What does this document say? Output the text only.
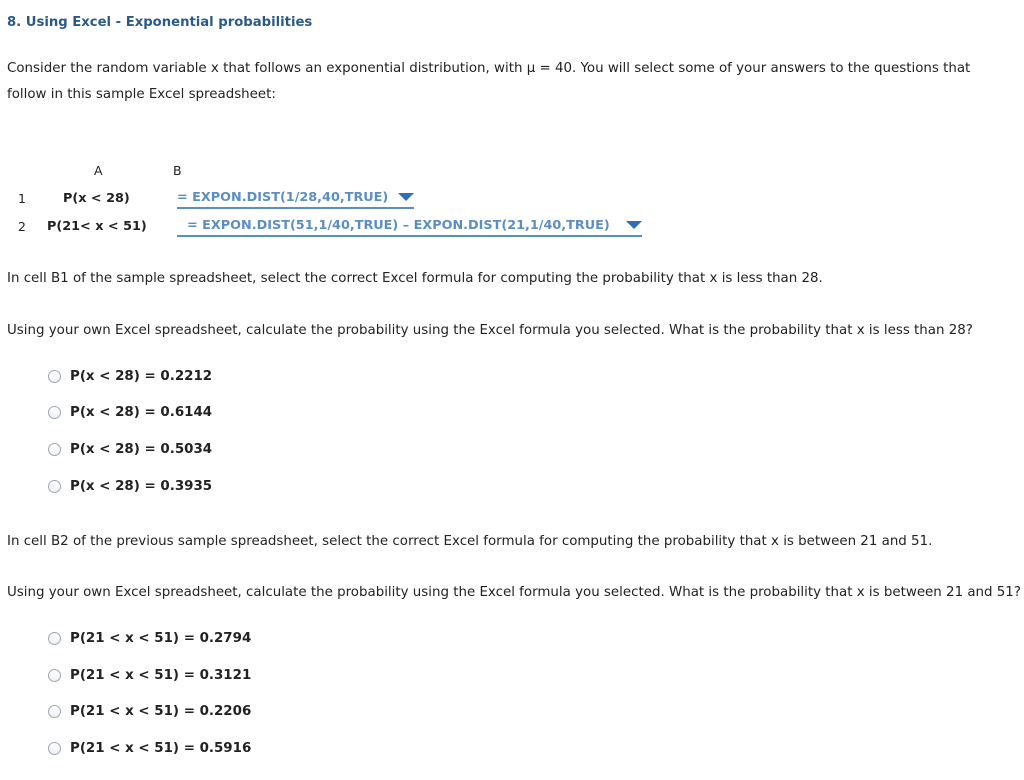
8. Using Excel - Exponential probabilities
Consider the random variable x that follows an exponential distribution, with μ = 40. You will select some of your answers to the questions that follow in this sample Excel spreadsheet:
A	B
1	P(x < 28)	= EXPON.DIST(1/28,40,TRUE)
2 P(21< x < 51)	= EXPON.DIST(51,1/40,TRUE) – EXPON.DIST(21,1/40,TRUE)
In cell B1 of the sample spreadsheet, select the correct Excel formula for computing the probability that x is less than 28.
Using your own Excel spreadsheet, calculate the probability using the Excel formula you selected. What is the probability that x is less than 28?
P(x < 28) = 0.2212
P(x < 28) = 0.6144
P(x < 28) = 0.5034
P(x < 28) = 0.3935
In cell B2 of the previous sample spreadsheet, select the correct Excel formula for computing the probability that x is between 21 and 51.
Using your own Excel spreadsheet, calculate the probability using the Excel formula you selected. What is the probability that x is between 21 and 51?
P(21 < x < 51) = 0.2794
P(21 < x < 51) = 0.3121
P(21 < x < 51) = 0.2206
P(21 < x < 51) = 0.5916
